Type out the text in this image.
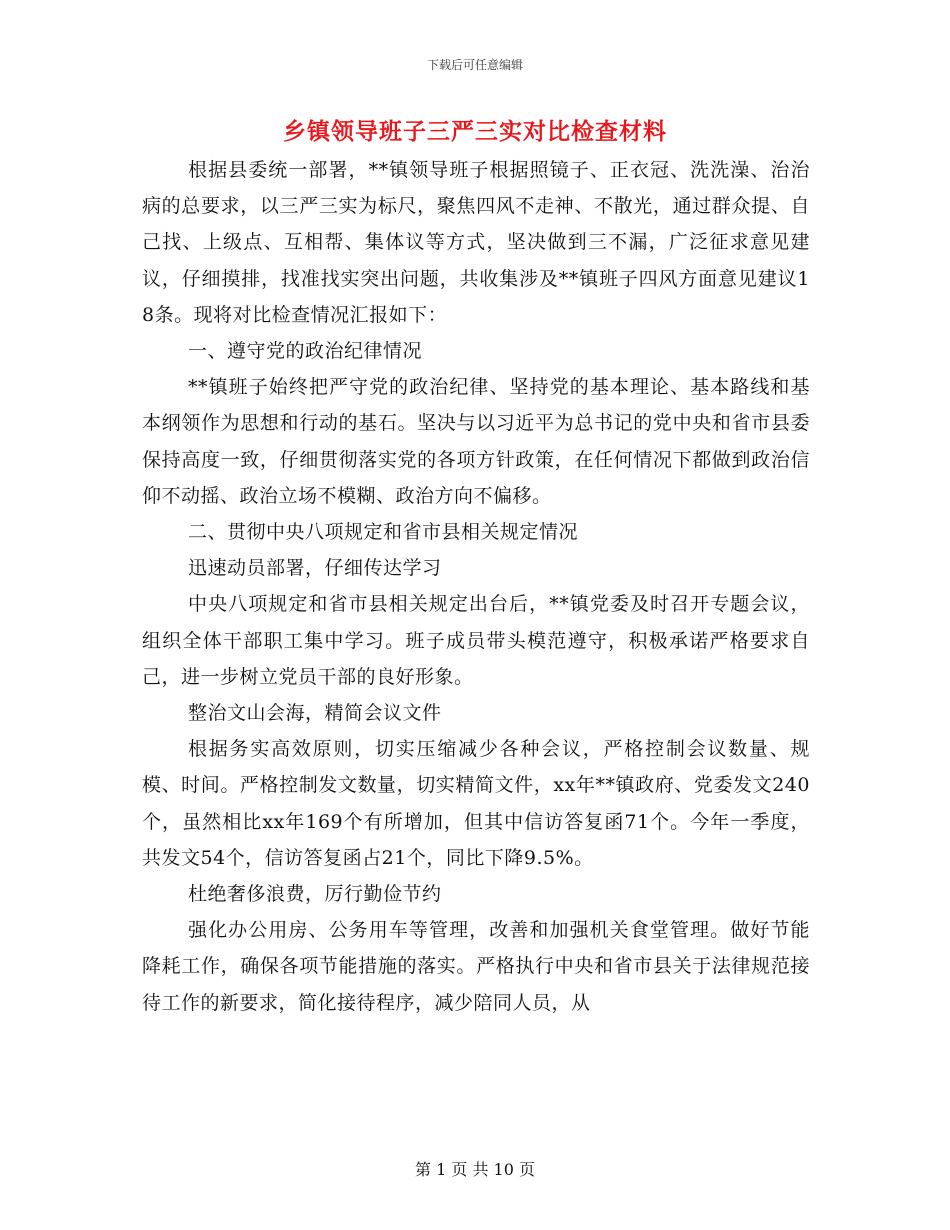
下载后可任意编辑
乡镇领导班子三严三实对比检查材料

根据县委统一部署，**镇领导班子根据照镜子、正衣冠、洗洗澡、治治病的总要求，以三严三实为标尺，聚焦四风不走神、不散光，通过群众提、自己找、上级点、互相帮、集体议等方式，坚决做到三不漏，广泛征求意见建议，仔细摸排，找准找实突出问题，共收集涉及**镇班子四风方面意见建议18条。现将对比检查情况汇报如下：

一、遵守党的政治纪律情况

**镇班子始终把严守党的政治纪律、坚持党的基本理论、基本路线和基本纲领作为思想和行动的基石。坚决与以习近平为总书记的党中央和省市县委保持高度一致，仔细贯彻落实党的各项方针政策，在任何情况下都做到政治信仰不动摇、政治立场不模糊、政治方向不偏移。

二、贯彻中央八项规定和省市县相关规定情况

迅速动员部署，仔细传达学习

中央八项规定和省市县相关规定出台后，**镇党委及时召开专题会议，组织全体干部职工集中学习。班子成员带头模范遵守，积极承诺严格要求自己，进一步树立党员干部的良好形象。

整治文山会海，精简会议文件

根据务实高效原则，切实压缩减少各种会议，严格控制会议数量、规模、时间。严格控制发文数量，切实精简文件，xx年**镇政府、党委发文240个，虽然相比xx年169个有所增加，但其中信访答复函71个。今年一季度，共发文54个，信访答复函占21个，同比下降9.5%。

杜绝奢侈浪费，厉行勤俭节约

强化办公用房、公务用车等管理，改善和加强机关食堂管理。做好节能降耗工作，确保各项节能措施的落实。严格执行中央和省市县关于法律规范接待工作的新要求，简化接待程序，减少陪同人员，从

第 1 页 共 10 页
